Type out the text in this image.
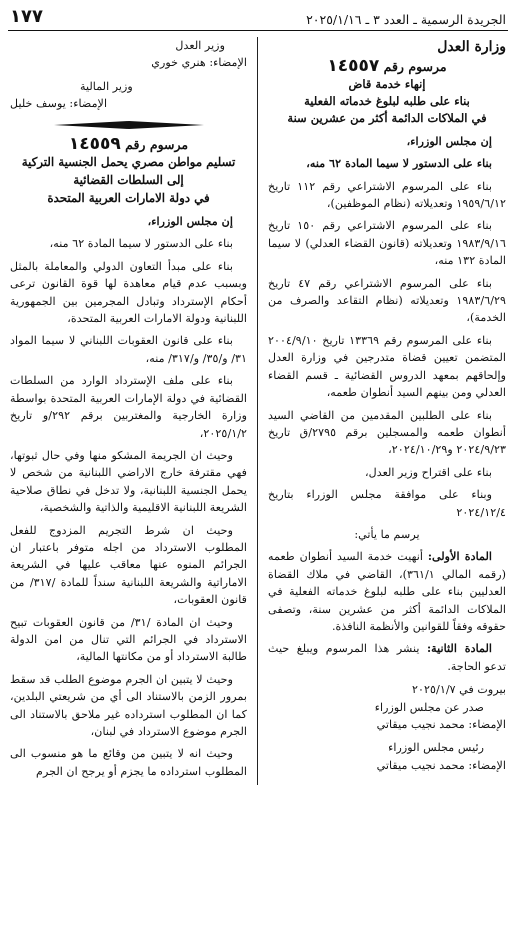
الجريدة الرسمية ـ العدد ٣ ـ ٢٠٢٥/١/١٦
١٧٧
وزارة العدل
مرسوم رقم ١٤٥٥٧
إنهاء خدمة قاض
بناء على طلبه لبلوغ خدماته الفعلية
في الملاكات الدائمة أكثر من عشرين سنة

إن مجلس الوزراء،

بناء على الدستور لا سيما المادة ٦٢ منه،

بناء على المرسوم الاشتراعي رقم ١١٢ تاريخ ١٩٥٩/٦/١٢ وتعديلاته (نظام الموظفين)،

بناء على المرسوم الاشتراعي رقم ١٥٠ تاريخ ١٩٨٣/٩/١٦ وتعديلاته (قانون القضاء العدلي) لا سيما المادة ١٣٢ منه،

بناء على المرسوم الاشتراعي رقم ٤٧ تاريخ ١٩٨٣/٦/٢٩ وتعديلاته (نظام التقاعد والصرف من الخدمة)،

بناء على المرسوم رقم ١٣٣٦٩ تاريخ ٢٠٠٤/٩/١٠ المتضمن تعيين قضاة متدرجين في وزارة العدل وإلحاقهم بمعهد الدروس القضائية ـ قسم القضاء العدلي ومن بينهم السيد أنطوان طعمه،

بناء على الطلبين المقدمين من القاضي السيد أنطوان طعمه والمسجلين برقم ٢٧٩٥/ق تاريخ ٢٠٢٤/٩/٢٣ و٢٠٢٤/١٠/٢٩،

بناء على اقتراح وزير العدل،

وبناء على موافقة مجلس الوزراء بتاريخ ٢٠٢٤/١٢/٤

يرسم ما يأتي:

المادة الأولى: أنهيت خدمة السيد أنطوان طعمه (رقمه المالي ٣٦١/١)، القاضي في ملاك القضاة العدليين بناء على طلبه لبلوغ خدماته الفعلية في الملاكات الدائمة أكثر من عشرين سنة، وتصفى حقوقه وفقاً للقوانين والأنظمة النافذة.

المادة الثانية: ينشر هذا المرسوم ويبلغ حيث تدعو الحاجة.

بيروت في ٢٠٢٥/١/٧

صدر عن مجلس الوزراء

الإمضاء: محمد نجيب ميقاتي

رئيس مجلس الوزراء

الإمضاء: محمد نجيب ميقاتي

وزير العدل

الإمضاء: هنري خوري

وزير المالية

الإمضاء: يوسف خليل

مرسوم رقم ١٤٥٥٩
تسليم مواطن مصري يحمل الجنسية التركية
إلى السلطات القضائية
في دولة الامارات العربية المتحدة

إن مجلس الوزراء،

بناء على الدستور لا سيما المادة ٦٢ منه،

بناء على مبدأ التعاون الدولي والمعاملة بالمثل وبسبب عدم قيام معاهدة لها قوة القانون ترعى أحكام الإسترداد وتبادل المجرمين بين الجمهورية اللبنانية ودولة الامارات العربية المتحدة،

بناء على قانون العقوبات اللبناني لا سيما المواد ٣١/ و/٣٥/ و/٣١٧/ منه،

بناء على ملف الإسترداد الوارد من السلطات القضائية في دولة الإمارات العربية المتحدة بواسطة وزارة الخارجية والمغتربين برقم ٢٩٢/و تاريخ ٢٠٢٥/١/٢،

وحيث ان الجريمة المشكو منها وفي حال ثبوتها، فهي مقترفة خارج الاراضي اللبنانية من شخص لا يحمل الجنسية اللبنانية، ولا تدخل في نطاق صلاحية الشريعة اللبنانية الاقليمية والذاتية والشخصية،

وحيث ان شرط التجريم المزدوج للفعل المطلوب الاسترداد من اجله متوفر باعتبار ان الجرائم المنوه عنها معاقب عليها في الشريعة الاماراتية والشريعة اللبنانية سنداً للمادة /٣١٧/ من قانون العقوبات،

وحيث ان المادة /٣١/ من قانون العقوبات تبيح الاسترداد في الجرائم التي تنال من امن الدولة طالبة الاسترداد أو من مكانتها المالية،

وحيث لا يتبين ان الجرم موضوع الطلب قد سقط بمرور الزمن بالاستناد الى أي من شريعتي البلدين، كما ان المطلوب استرداده غير ملاحق بالاستناد الى الجرم موضوع الاسترداد في لبنان،

وحيث انه لا يتبين من وقائع ما هو منسوب الى المطلوب استرداده ما يجزم أو يرجح ان الجرم
